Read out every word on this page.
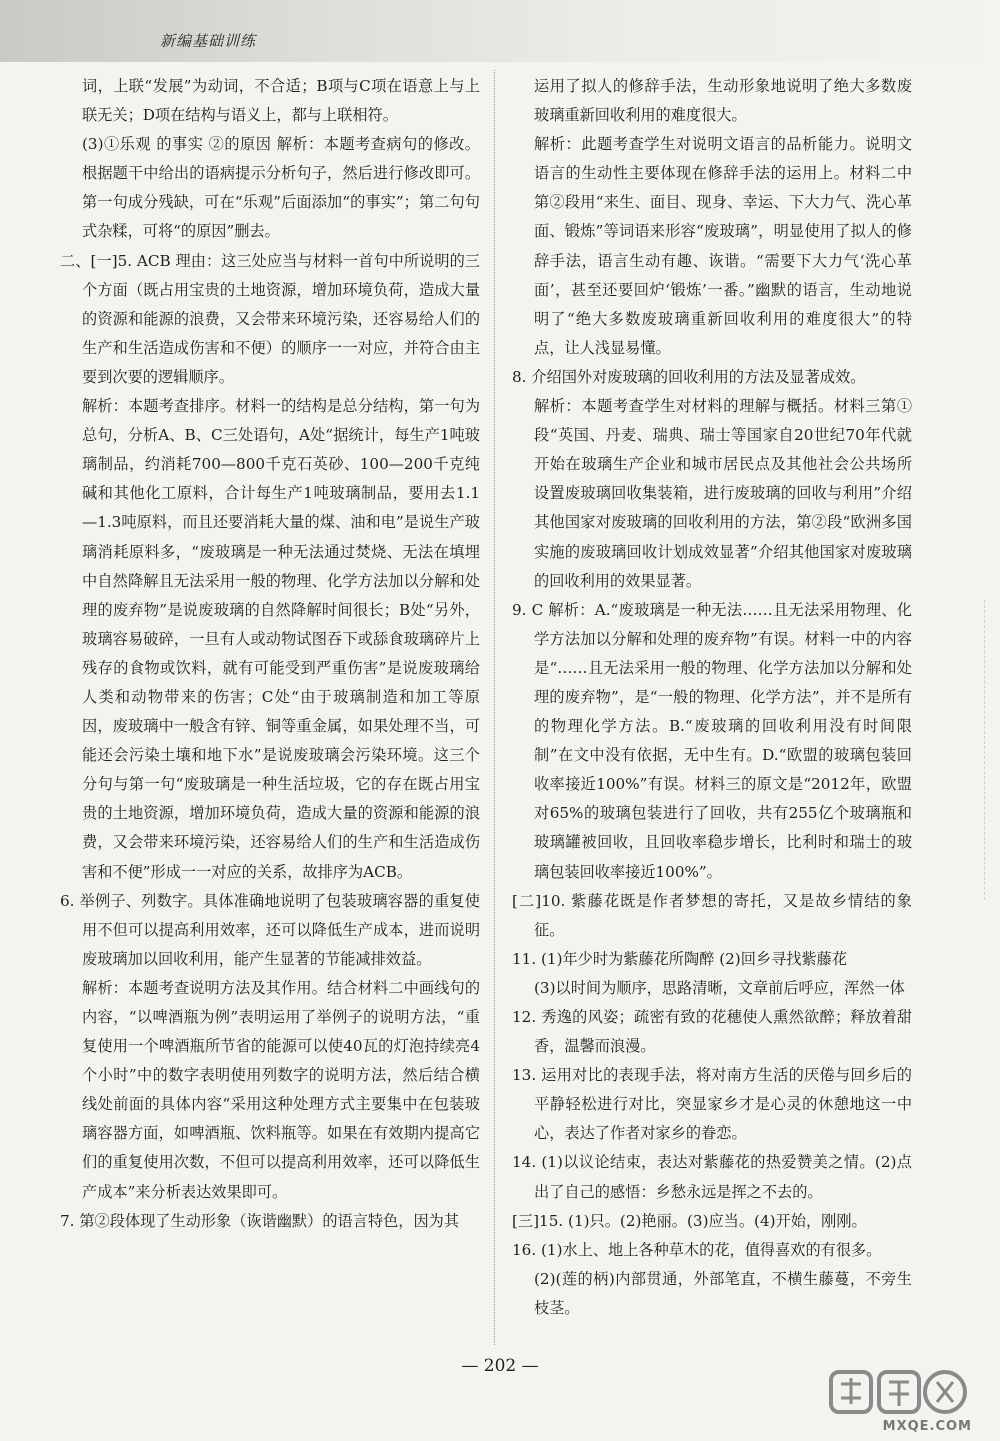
新编基础训练

词，上联“发展”为动词，不合适；B项与C项在语意上与上联无关；D项在结构与语义上，都与上联相符。

(3)①乐观 的事实 ②的原因 解析：本题考查病句的修改。根据题干中给出的语病提示分析句子，然后进行修改即可。第一句成分残缺，可在“乐观”后面添加“的事实”；第二句句式杂糅，可将“的原因”删去。

二、[一]5. ACB 理由：这三处应当与材料一首句中所说明的三个方面（既占用宝贵的土地资源，增加环境负荷，造成大量的资源和能源的浪费，又会带来环境污染，还容易给人们的生产和生活造成伤害和不便）的顺序一一对应，并符合由主要到次要的逻辑顺序。

解析：本题考查排序。材料一的结构是总分结构，第一句为总句，分析A、B、C三处语句，A处“据统计，每生产1吨玻璃制品，约消耗700—800千克石英砂、100—200千克纯碱和其他化工原料，合计每生产1吨玻璃制品，要用去1.1—1.3吨原料，而且还要消耗大量的煤、油和电”是说生产玻璃消耗原料多，“废玻璃是一种无法通过焚烧、无法在填埋中自然降解且无法采用一般的物理、化学方法加以分解和处理的废弃物”是说废玻璃的自然降解时间很长；B处“另外，玻璃容易破碎，一旦有人或动物试图吞下或舔食玻璃碎片上残存的食物或饮料，就有可能受到严重伤害”是说废玻璃给人类和动物带来的伤害；C处“由于玻璃制造和加工等原因，废玻璃中一般含有锌、铜等重金属，如果处理不当，可能还会污染土壤和地下水”是说废玻璃会污染环境。这三个分句与第一句“废玻璃是一种生活垃圾，它的存在既占用宝贵的土地资源，增加环境负荷，造成大量的资源和能源的浪费，又会带来环境污染，还容易给人们的生产和生活造成伤害和不便”形成一一对应的关系，故排序为ACB。

6. 举例子、列数字。具体准确地说明了包装玻璃容器的重复使用不但可以提高利用效率，还可以降低生产成本，进而说明废玻璃加以回收利用，能产生显著的节能减排效益。

解析：本题考查说明方法及其作用。结合材料二中画线句的内容，“以啤酒瓶为例”表明运用了举例子的说明方法，“重复使用一个啤酒瓶所节省的能源可以使40瓦的灯泡持续亮4个小时”中的数字表明使用列数字的说明方法，然后结合横线处前面的具体内容“采用这种处理方式主要集中在包装玻璃容器方面，如啤酒瓶、饮料瓶等。如果在有效期内提高它们的重复使用次数，不但可以提高利用效率，还可以降低生产成本”来分析表达效果即可。

7. 第②段体现了生动形象（诙谐幽默）的语言特色，因为其

运用了拟人的修辞手法，生动形象地说明了绝大多数废玻璃重新回收利用的难度很大。

解析：此题考查学生对说明文语言的品析能力。说明文语言的生动性主要体现在修辞手法的运用上。材料二中第②段用“来生、面目、现身、幸运、下大力气、洗心革面、锻炼”等词语来形容“废玻璃”，明显使用了拟人的修辞手法，语言生动有趣、诙谐。“需要下大力气‘洗心革面’，甚至还要回炉‘锻炼’一番。”幽默的语言，生动地说明了“绝大多数废玻璃重新回收利用的难度很大”的特点，让人浅显易懂。

8. 介绍国外对废玻璃的回收利用的方法及显著成效。

解析：本题考查学生对材料的理解与概括。材料三第①段“英国、丹麦、瑞典、瑞士等国家自20世纪70年代就开始在玻璃生产企业和城市居民点及其他社会公共场所设置废玻璃回收集装箱，进行废玻璃的回收与利用”介绍其他国家对废玻璃的回收利用的方法，第②段“欧洲多国实施的废玻璃回收计划成效显著”介绍其他国家对废玻璃的回收利用的效果显著。

9. C 解析：A.“废玻璃是一种无法……且无法采用物理、化学方法加以分解和处理的废弃物”有误。材料一中的内容是“……且无法采用一般的物理、化学方法加以分解和处理的废弃物”，是“一般的物理、化学方法”，并不是所有的物理化学方法。B.“废玻璃的回收利用没有时间限制”在文中没有依据，无中生有。D.“欧盟的玻璃包装回收率接近100%”有误。材料三的原文是“2012年，欧盟对65%的玻璃包装进行了回收，共有255亿个玻璃瓶和玻璃罐被回收，且回收率稳步增长，比利时和瑞士的玻璃包装回收率接近100%”。

[二]10. 紫藤花既是作者梦想的寄托，又是故乡情结的象征。

11. (1)年少时为紫藤花所陶醉 (2)回乡寻找紫藤花

(3)以时间为顺序，思路清晰，文章前后呼应，浑然一体

12. 秀逸的风姿；疏密有致的花穗使人熏然欲醉；释放着甜香，温馨而浪漫。

13. 运用对比的表现手法，将对南方生活的厌倦与回乡后的平静轻松进行对比，突显家乡才是心灵的休憩地这一中心，表达了作者对家乡的眷恋。

14. (1)以议论结束，表达对紫藤花的热爱赞美之情。(2)点出了自己的感悟：乡愁永远是挥之不去的。

[三]15. (1)只。(2)艳丽。(3)应当。(4)开始，刚刚。

16. (1)水上、地上各种草木的花，值得喜欢的有很多。

(2)(莲的柄)内部贯通，外部笔直，不横生藤蔓，不旁生枝茎。

— 202 —
MXQE.COM
